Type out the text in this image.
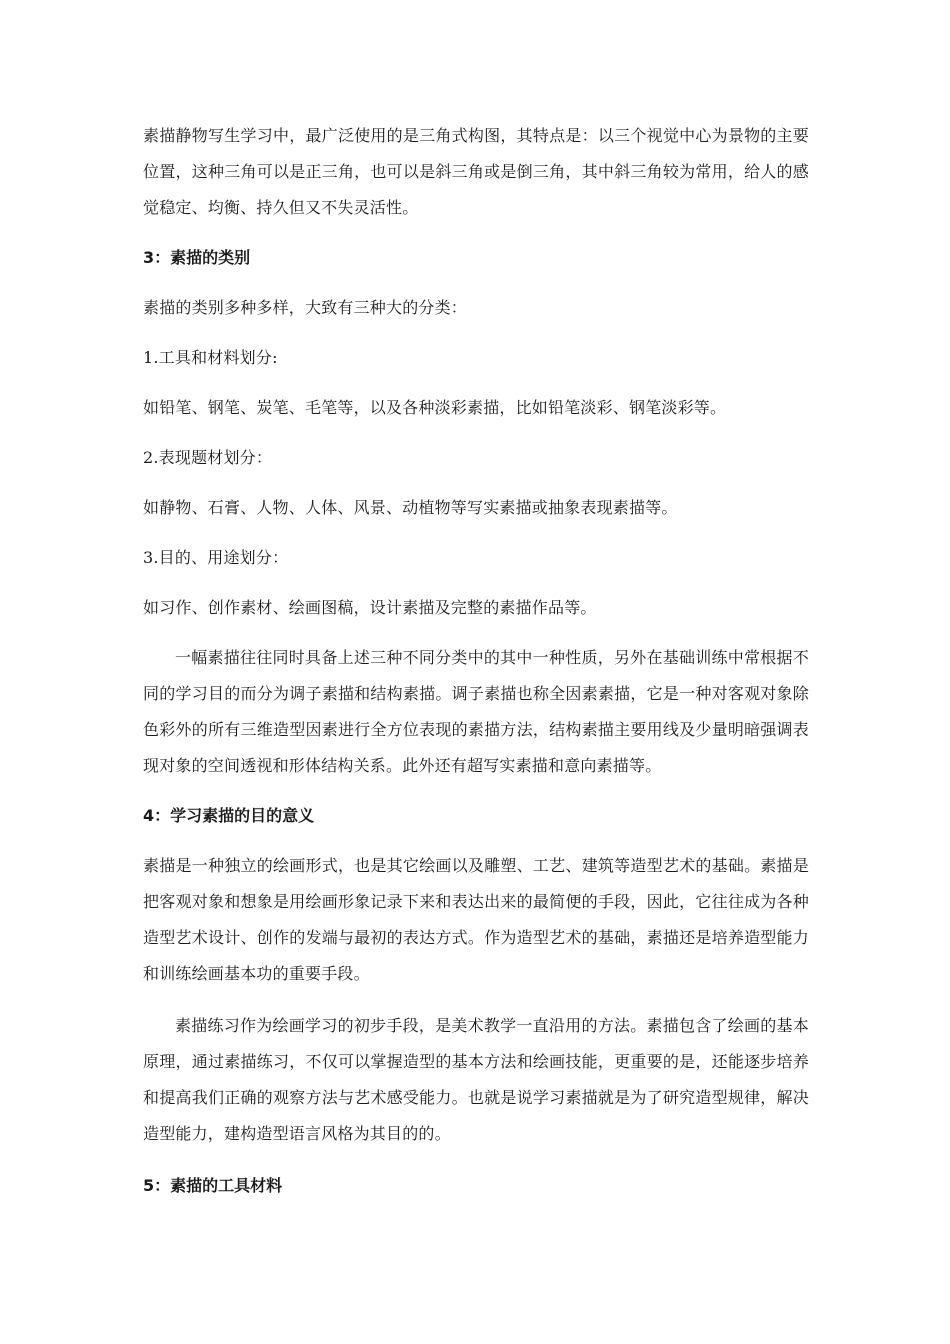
素描静物写生学习中，最广泛使用的是三角式构图，其特点是：以三个视觉中心为景物的主要位置，这种三角可以是正三角，也可以是斜三角或是倒三角，其中斜三角较为常用，给人的感觉稳定、均衡、持久但又不失灵活性。

3：素描的类别

素描的类别多种多样，大致有三种大的分类：

1.工具和材料划分:

如铅笔、钢笔、炭笔、毛笔等，以及各种淡彩素描，比如铅笔淡彩、钢笔淡彩等。

2.表现题材划分：

如静物、石膏、人物、人体、风景、动植物等写实素描或抽象表现素描等。

3.目的、用途划分：

如习作、创作素材、绘画图稿，设计素描及完整的素描作品等。

一幅素描往往同时具备上述三种不同分类中的其中一种性质，另外在基础训练中常根据不同的学习目的而分为调子素描和结构素描。调子素描也称全因素素描，它是一种对客观对象除色彩外的所有三维造型因素进行全方位表现的素描方法，结构素描主要用线及少量明暗强调表现对象的空间透视和形体结构关系。此外还有超写实素描和意向素描等。

4：学习素描的目的意义

素描是一种独立的绘画形式，也是其它绘画以及雕塑、工艺、建筑等造型艺术的基础。素描是把客观对象和想象是用绘画形象记录下来和表达出来的最简便的手段，因此，它往往成为各种造型艺术设计、创作的发端与最初的表达方式。作为造型艺术的基础，素描还是培养造型能力和训练绘画基本功的重要手段。

素描练习作为绘画学习的初步手段，是美术教学一直沿用的方法。素描包含了绘画的基本原理，通过素描练习，不仅可以掌握造型的基本方法和绘画技能，更重要的是，还能逐步培养和提高我们正确的观察方法与艺术感受能力。也就是说学习素描就是为了研究造型规律，解决造型能力，建构造型语言风格为其目的的。

5：素描的工具材料
